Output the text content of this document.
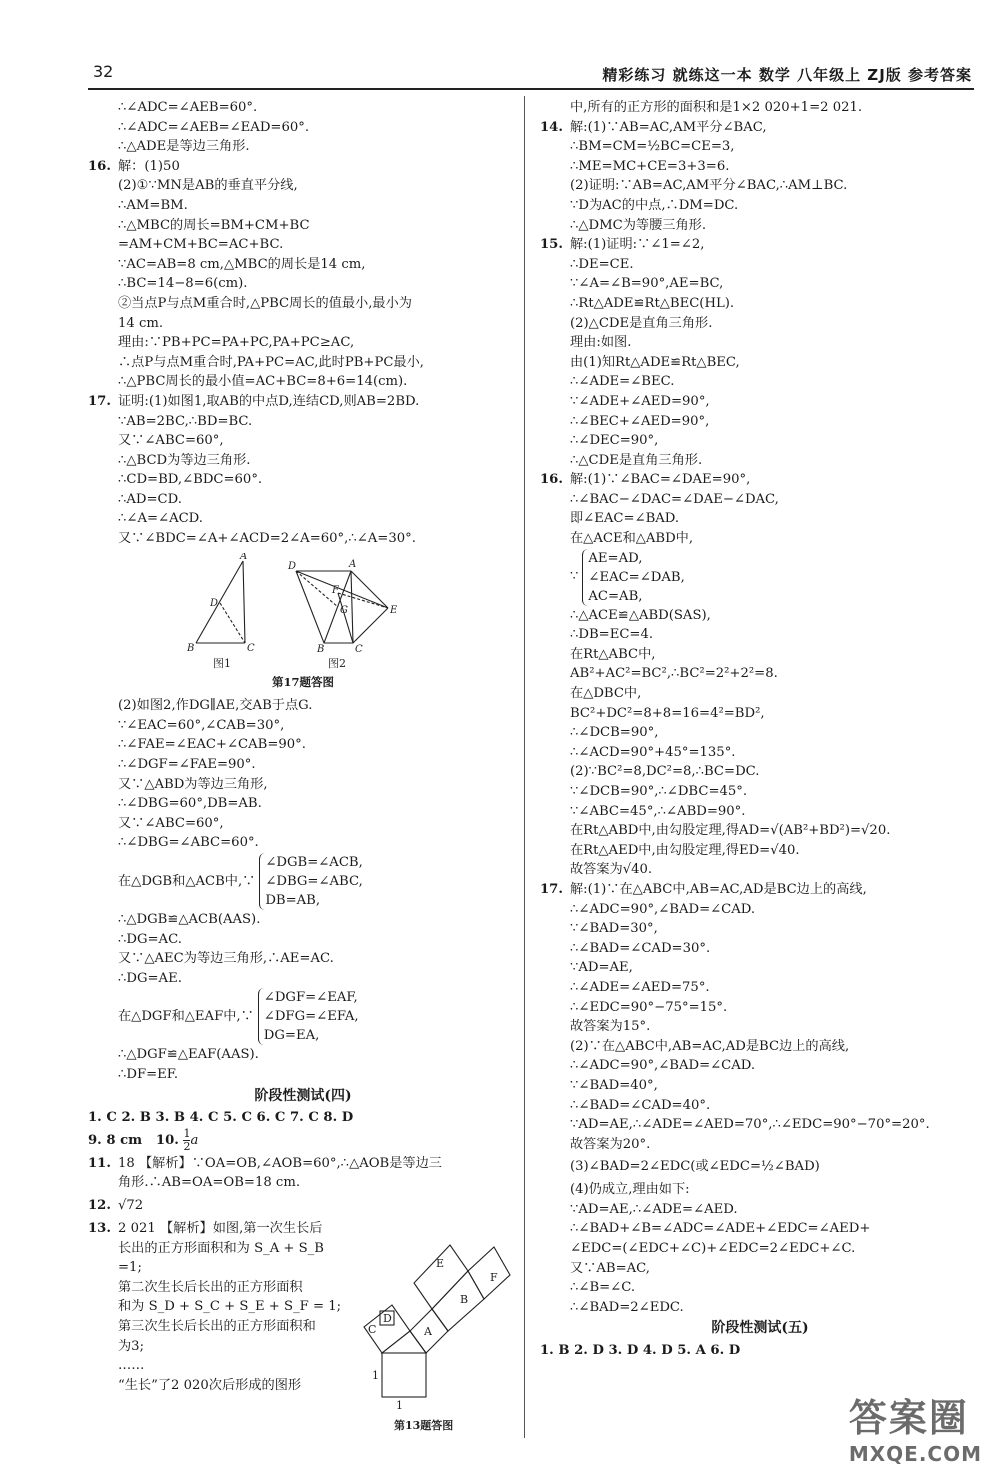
32	精彩练习 就练这一本 数学 八年级上 ZJ版 参考答案
∴∠ADC=∠AEB=60°.
∴∠ADC=∠AEB=∠EAD=60°.
∴△ADE是等边三角形.
16. 解：(1)50
(2)①∵MN是AB的垂直平分线,
∴AM=BM.
∴△MBC的周长=BM+CM+BC
=AM+CM+BC=AC+BC.
∵AC=AB=8 cm,△MBC的周长是14 cm,
∴BC=14−8=6(cm).
②当点P与点M重合时,△PBC周长的值最小,最小为
14 cm.
理由:∵PB+PC=PA+PC,PA+PC≥AC,
∴点P与点M重合时,PA+PC=AC,此时PB+PC最小,
∴△PBC周长的最小值=AC+BC=8+6=14(cm).
17. 证明:(1)如图1,取AB的中点D,连结CD,则AB=2BD.
∵AB=2BC,∴BD=BC.
又∵∠ABC=60°,
∴△BCD为等边三角形.
∴CD=BD,∠BDC=60°.
∴AD=CD.
∴∠A=∠ACD.
又∵∠BDC=∠A+∠ACD=2∠A=60°,∴∠A=30°.
A
B	C
D
D	A
F
G	E
B	C
图1	图2
第17题答图
(2)如图2,作DG∥AE,交AB于点G.
∵∠EAC=60°,∠CAB=30°,
∴∠FAE=∠EAC+∠CAB=90°.
∴∠DGF=∠FAE=90°.
又∵△ABD为等边三角形,
∴∠DBG=60°,DB=AB.
又∵∠ABC=60°,
∴∠DBG=∠ABC=60°.
在△DGB和△ACB中,∵
∠DGB=∠ACB,
∠DBG=∠ABC,
DB=AB,
∴△DGB≌△ACB(AAS).
∴DG=AC.
又∵△AEC为等边三角形,∴AE=AC.
∴DG=AE.
在△DGF和△EAF中,∵
∠DGF=∠EAF,
∠DFG=∠EFA,
DG=EA,
∴△DGF≌△EAF(AAS).
∴DF=EF.
阶段性测试(四)
1. C 2. B 3. B 4. C 5. C 6. C 7. C 8. D
9. 8 cm 10. $\frac{1}{2}$ a
11. 18 【解析】∵OA=OB,∠AOB=60°,∴△AOB是等边三
角形.∴AB=OA=OB=18 cm.
12. √72
13. 2 021 【解析】如图,第一次生长后
长出的正方形面积和为 S_A + S_B
=1;
第二次生长后长出的正方形面积
和为 S_D + S_C + S_E + S_F = 1;
第三次生长后长出的正方形面积和
为3;
……
“生长”了2 020次后形成的图形
E
F
D
B
C	A
1
1
第13题答图
中,所有的正方形的面积和是1×2 020+1=2 021.
14. 解:(1)∵AB=AC,AM平分∠BAC,
∴BM=CM=½BC=CE=3,
∴ME=MC+CE=3+3=6.
(2)证明:∵AB=AC,AM平分∠BAC,∴AM⊥BC.
∵D为AC的中点,∴DM=DC.
∴△DMC为等腰三角形.
15. 解:(1)证明:∵∠1=∠2,
∴DE=CE.
∵∠A=∠B=90°,AE=BC,
∴Rt△ADE≌Rt△BEC(HL).
(2)△CDE是直角三角形.
理由:如图.
由(1)知Rt△ADE≌Rt△BEC,
∴∠ADE=∠BEC.
∵∠ADE+∠AED=90°,
∴∠BEC+∠AED=90°,
∴∠DEC=90°,
∴△CDE是直角三角形.
16. 解:(1)∵∠BAC=∠DAE=90°,
∴∠BAC−∠DAC=∠DAE−∠DAC,
即∠EAC=∠BAD.
在△ACE和△ABD中,
∵
AE=AD,
∠EAC=∠DAB,
AC=AB,
∴△ACE≌△ABD(SAS),
∴DB=EC=4.
在Rt△ABC中,
AB²+AC²=BC²,∴BC²=2²+2²=8.
在△DBC中,
BC²+DC²=8+8=16=4²=BD²,
∴∠DCB=90°,
∴∠ACD=90°+45°=135°.
(2)∵BC²=8,DC²=8,∴BC=DC.
∵∠DCB=90°,∴∠DBC=45°.
∵∠ABC=45°,∴∠ABD=90°.
在Rt△ABD中,由勾股定理,得AD=√(AB²+BD²)=√20.
在Rt△AED中,由勾股定理,得ED=√40.
故答案为√40.
17. 解:(1)∵在△ABC中,AB=AC,AD是BC边上的高线,
∴∠ADC=90°,∠BAD=∠CAD.
∵∠BAD=30°,
∴∠BAD=∠CAD=30°.
∵AD=AE,
∴∠ADE=∠AED=75°.
∴∠EDC=90°−75°=15°.
故答案为15°.
(2)∵在△ABC中,AB=AC,AD是BC边上的高线,
∴∠ADC=90°,∠BAD=∠CAD.
∵∠BAD=40°,
∴∠BAD=∠CAD=40°.
∵AD=AE,∴∠ADE=∠AED=70°,∴∠EDC=90°−70°=20°.
故答案为20°.
(3)∠BAD=2∠EDC(或∠EDC=½∠BAD)
(4)仍成立,理由如下:
∵AD=AE,∴∠ADE=∠AED.
∴∠BAD+∠B=∠ADC=∠ADE+∠EDC=∠AED+
∠EDC=(∠EDC+∠C)+∠EDC=2∠EDC+∠C.
又∵AB=AC,
∴∠B=∠C.
∴∠BAD=2∠EDC.
阶段性测试(五)
1. B 2. D 3. D 4. D 5. A 6. D
答案圈
MXQE.COM
